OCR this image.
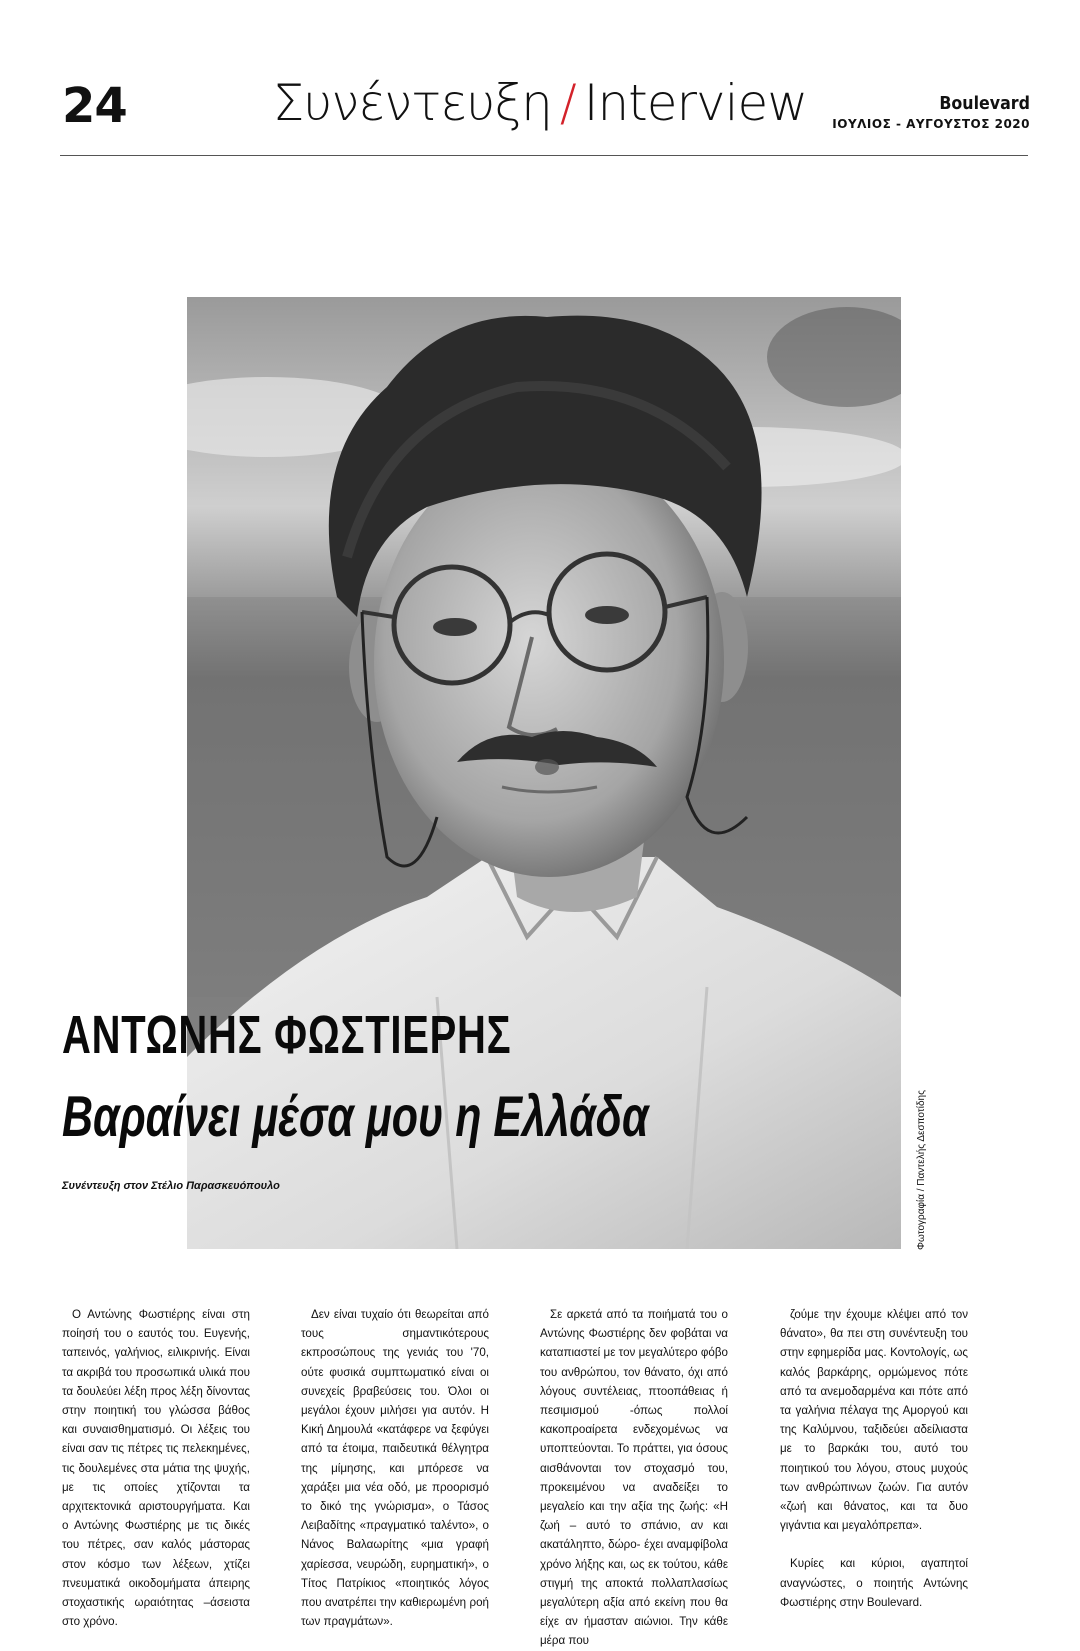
24	Συνέντευξη / Interview	Boulevard
ΙΟΥΛΙΟΣ - ΑΥΓΟΥΣΤΟΣ 2020
ΑΝΤΩΝΗΣ ΦΩΣΤΙΕΡΗΣ
Βαραίνει μέσα μου η Ελλάδα
Συνέντευξη στον Στέλιο Παρασκευόπουλο	Φωτογραφία / Παντελής Δεσποτίδης

Ο Αντώνης Φωστιέρης είναι στη ποίησή του ο εαυτός του. Ευγενής, ταπεινός, γαλήνιος, ειλικρινής. Είναι τα ακριβά του προσωπικά υλικά που τα δουλεύει λέξη προς λέξη δίνοντας στην ποιητική του γλώσσα βάθος και συναισθηματισμό. Οι λέξεις του είναι σαν τις πέτρες τις πελεκημένες, τις δουλεμένες στα μάτια της ψυχής, με τις οποίες χτίζονται τα αρχιτεκτονικά αριστουργήματα. Και ο Αντώνης Φωστιέρης με τις δικές του πέτρες, σαν καλός μάστορας στον κόσμο των λέξεων, χτίζει πνευματικά οικοδομήματα άπειρης στοχαστικής ωραιότητας –άσειστα στο χρόνο.

Δεν είναι τυχαίο ότι θεωρείται από τους σημαντικότερους εκπροσώπους της γενιάς του '70, ούτε φυσικά συμπτωματικό είναι οι συνεχείς βραβεύσεις του. Όλοι οι μεγάλοι έχουν μιλήσει για αυτόν. Η Κική Δημουλά «κατάφερε να ξεφύγει από τα έτοιμα, παιδευτικά θέλγητρα της μίμησης, και μπόρεσε να χαράξει μια νέα οδό, με προορισμό το δικό της γνώρισμα», ο Τάσος Λειβαδίτης «πραγματικό ταλέντο», ο Νάνος Βαλαωρίτης «μια γραφή χαρίεσσα, νευρώδη, ευρηματική», ο Τίτος Πατρίκιος «ποιητικός λόγος που ανατρέπει την καθιερωμένη ροή των πραγμάτων».

Σε αρκετά από τα ποιήματά του ο Αντώνης Φωστιέρης δεν φοβάται να καταπιαστεί με τον μεγαλύτερο φόβο του ανθρώπου, τον θάνατο, όχι από λόγους συντέλειας, πτοοπάθειας ή πεσιμισμού -όπως πολλοί κακοπροαίρετα ενδεχομένως να υποπτεύονται. Το πράττει, για όσους αισθάνονται τον στοχασμό του, προκειμένου να αναδείξει το μεγαλείο και την αξία της ζωής: «Η ζωή – αυτό το σπάνιο, αν και ακατάληπτο, δώρο- έχει αναμφίβολα χρόνο λήξης και, ως εκ τούτου, κάθε στιγμή της αποκτά πολλαπλασίως μεγαλύτερη αξία από εκείνη που θα είχε αν ήμασταν αιώνιοι. Την κάθε μέρα που

ζούμε την έχουμε κλέψει από τον θάνατο», θα πει στη συνέντευξη του στην εφημερίδα μας. Κοντολογίς, ως καλός βαρκάρης, ορμώμενος πότε από τα ανεμοδαρμένα και πότε από τα γαλήνια πέλαγα της Αμοργού και της Καλύμνου, ταξιδεύει αδείλιαστα με το βαρκάκι του, αυτό του ποιητικού του λόγου, στους μυχούς των ανθρώπινων ζωών. Για αυτόν «ζωή και θάνατος, και τα δυο γιγάντια και μεγαλόπρεπα».

Κυρίες και κύριοι, αγαπητοί αναγνώστες, ο ποιητής Αντώνης Φωστιέρης στην Boulevard.
